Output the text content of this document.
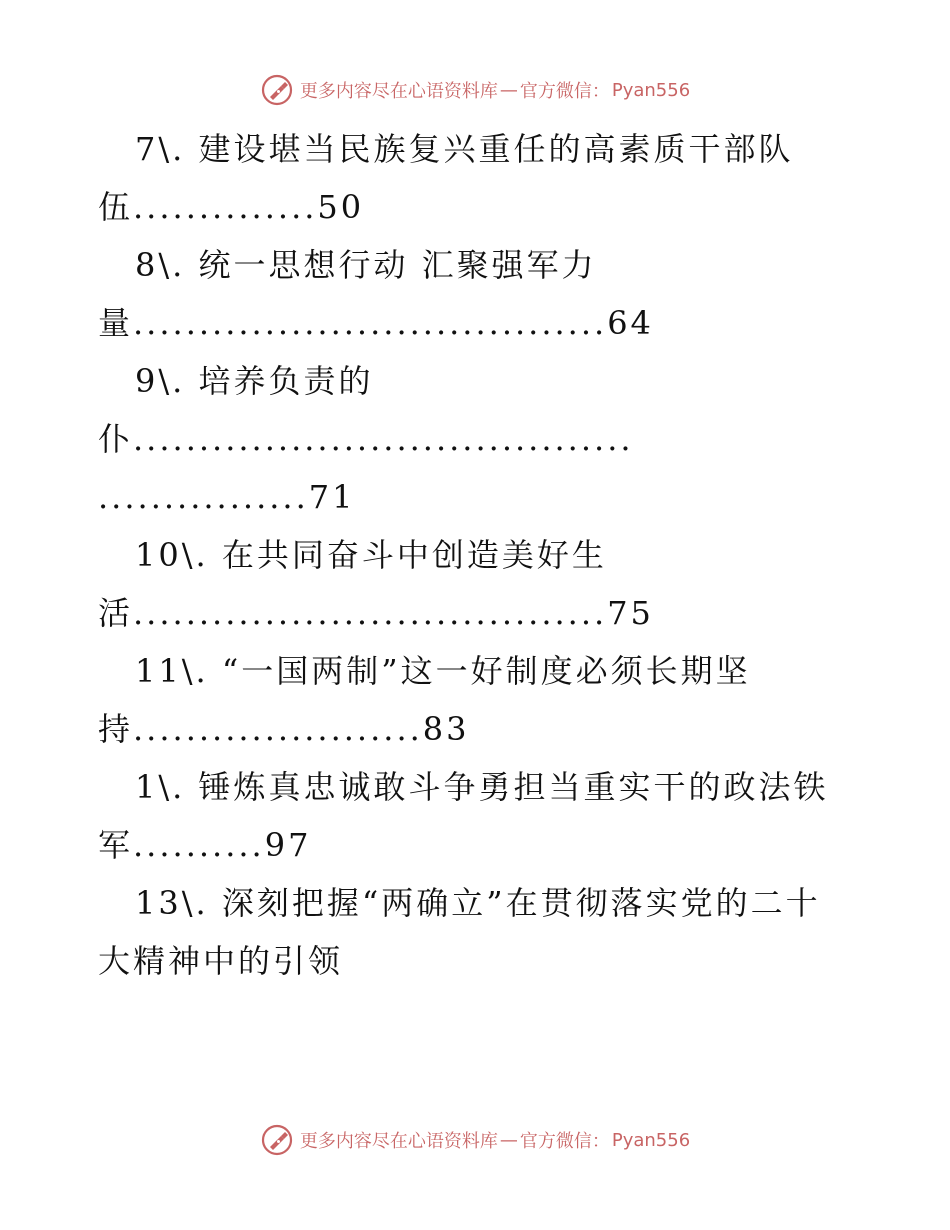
更多内容尽在心语资料库 — 官方微信： Pyan556
7\. 建设堪当民族复兴重任的高素质干部队
伍..............50
8\. 统一思想行动 汇聚强军力
量....................................64
9\. 培养负责的
仆......................................
................71
10\. 在共同奋斗中创造美好生
活....................................75
11\. “一国两制”这一好制度必须长期坚
持......................83
1\. 锤炼真忠诚敢斗争勇担当重实干的政法铁
军..........97
13\. 深刻把握“两确立”在贯彻落实党的二十
大精神中的引领
更多内容尽在心语资料库 — 官方微信： Pyan556
